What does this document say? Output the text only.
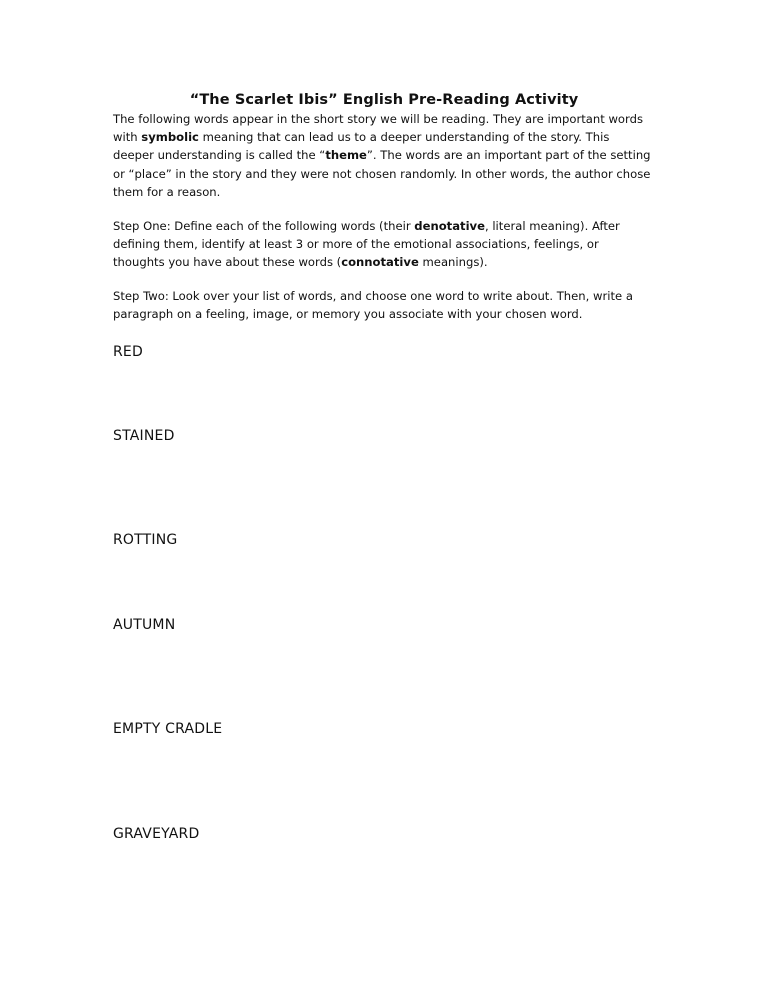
“The Scarlet Ibis” English Pre-Reading Activity

The following words appear in the short story we will be reading. They are important words with symbolic meaning that can lead us to a deeper understanding of the story. This deeper understanding is called the “theme”. The words are an important part of the setting or “place” in the story and they were not chosen randomly. In other words, the author chose them for a reason.

Step One: Define each of the following words (their denotative, literal meaning). After defining them, identify at least 3 or more of the emotional associations, feelings, or thoughts you have about these words (connotative meanings).

Step Two: Look over your list of words, and choose one word to write about. Then, write a paragraph on a feeling, image, or memory you associate with your chosen word.

RED

STAINED

ROTTING

AUTUMN

EMPTY CRADLE

GRAVEYARD
